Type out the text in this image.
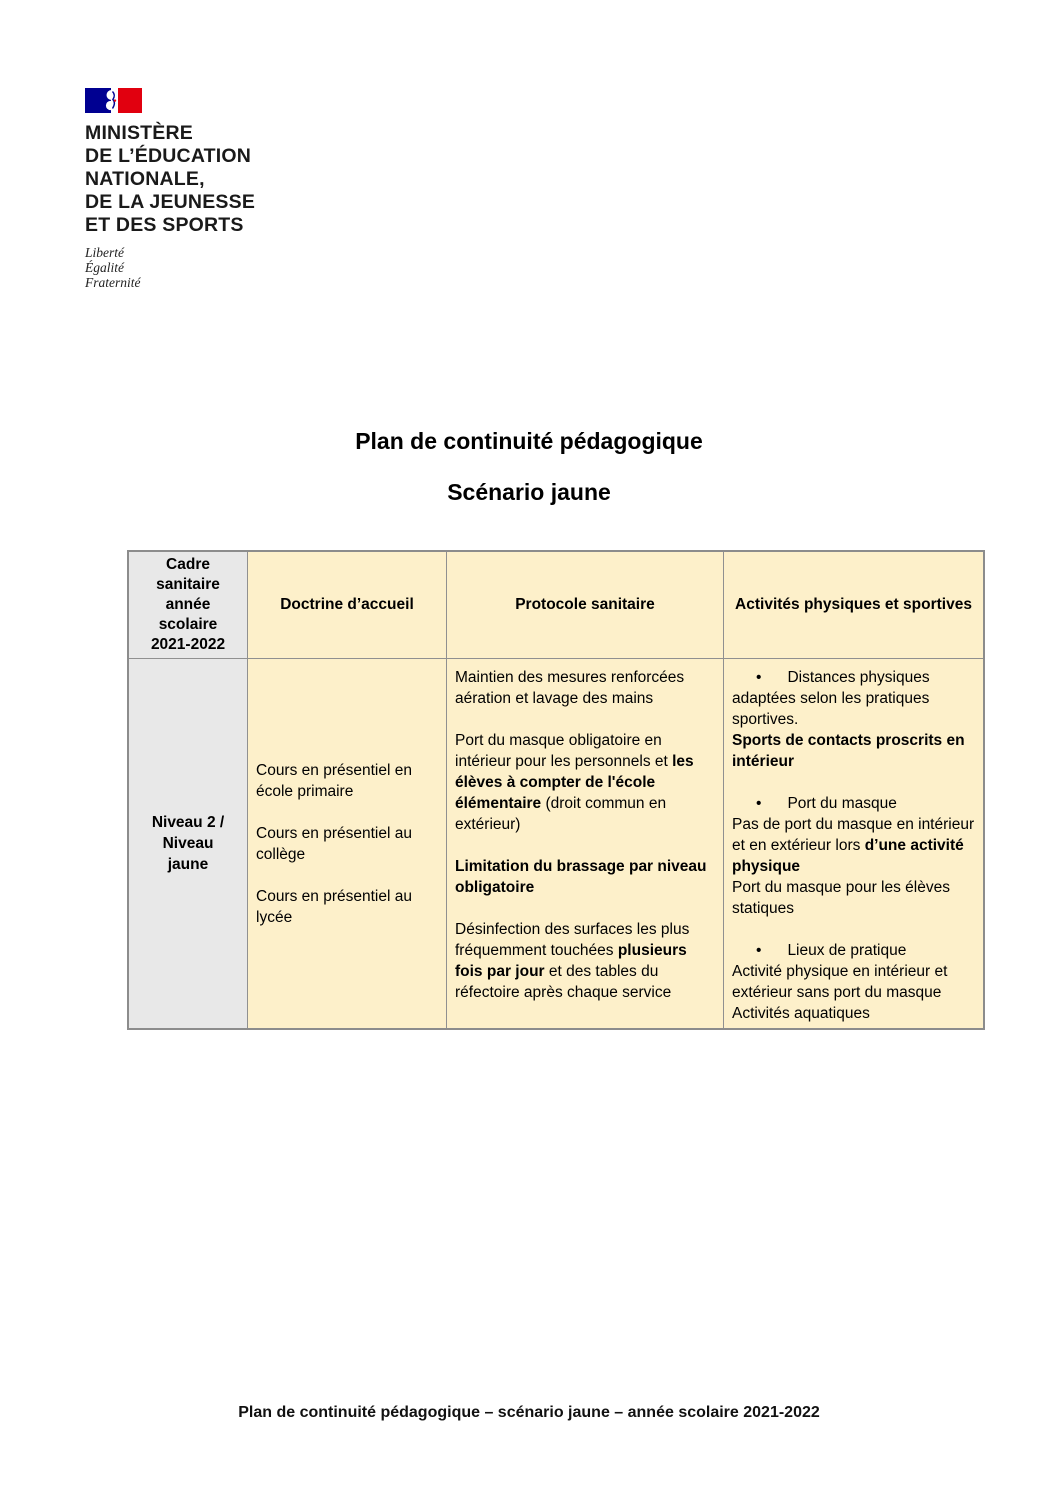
MINISTÈRE
DE L’ÉDUCATION
NATIONALE,
DE LA JEUNESSE
ET DES SPORTS
Liberté
Égalité
Fraternité

Plan de continuité pédagogique

Scénario jaune

Cadre sanitaire année scolaire 2021-2022
Doctrine d’accueil	Protocole sanitaire	Activités physiques et sportives
Niveau 2 / Niveau jaune

Cours en présentiel en école primaire

Cours en présentiel au collège

Cours en présentiel au lycée

Maintien des mesures renforcées aération et lavage des mains

Port du masque obligatoire en intérieur pour les personnels et les élèves à compter de l'école élémentaire (droit commun en extérieur)

Limitation du brassage par niveau obligatoire

Désinfection des surfaces les plus fréquemment touchées plusieurs fois par jour et des tables du réfectoire après chaque service

• Distances physiques adaptées selon les pratiques sportives.

Sports de contacts proscrits en intérieur

• Port du masque

Pas de port du masque en intérieur et en extérieur lors d’une activité physique

Port du masque pour les élèves statiques

• Lieux de pratique

Activité physique en intérieur et extérieur sans port du masque

Activités aquatiques

Plan de continuité pédagogique – scénario jaune – année scolaire 2021-2022
